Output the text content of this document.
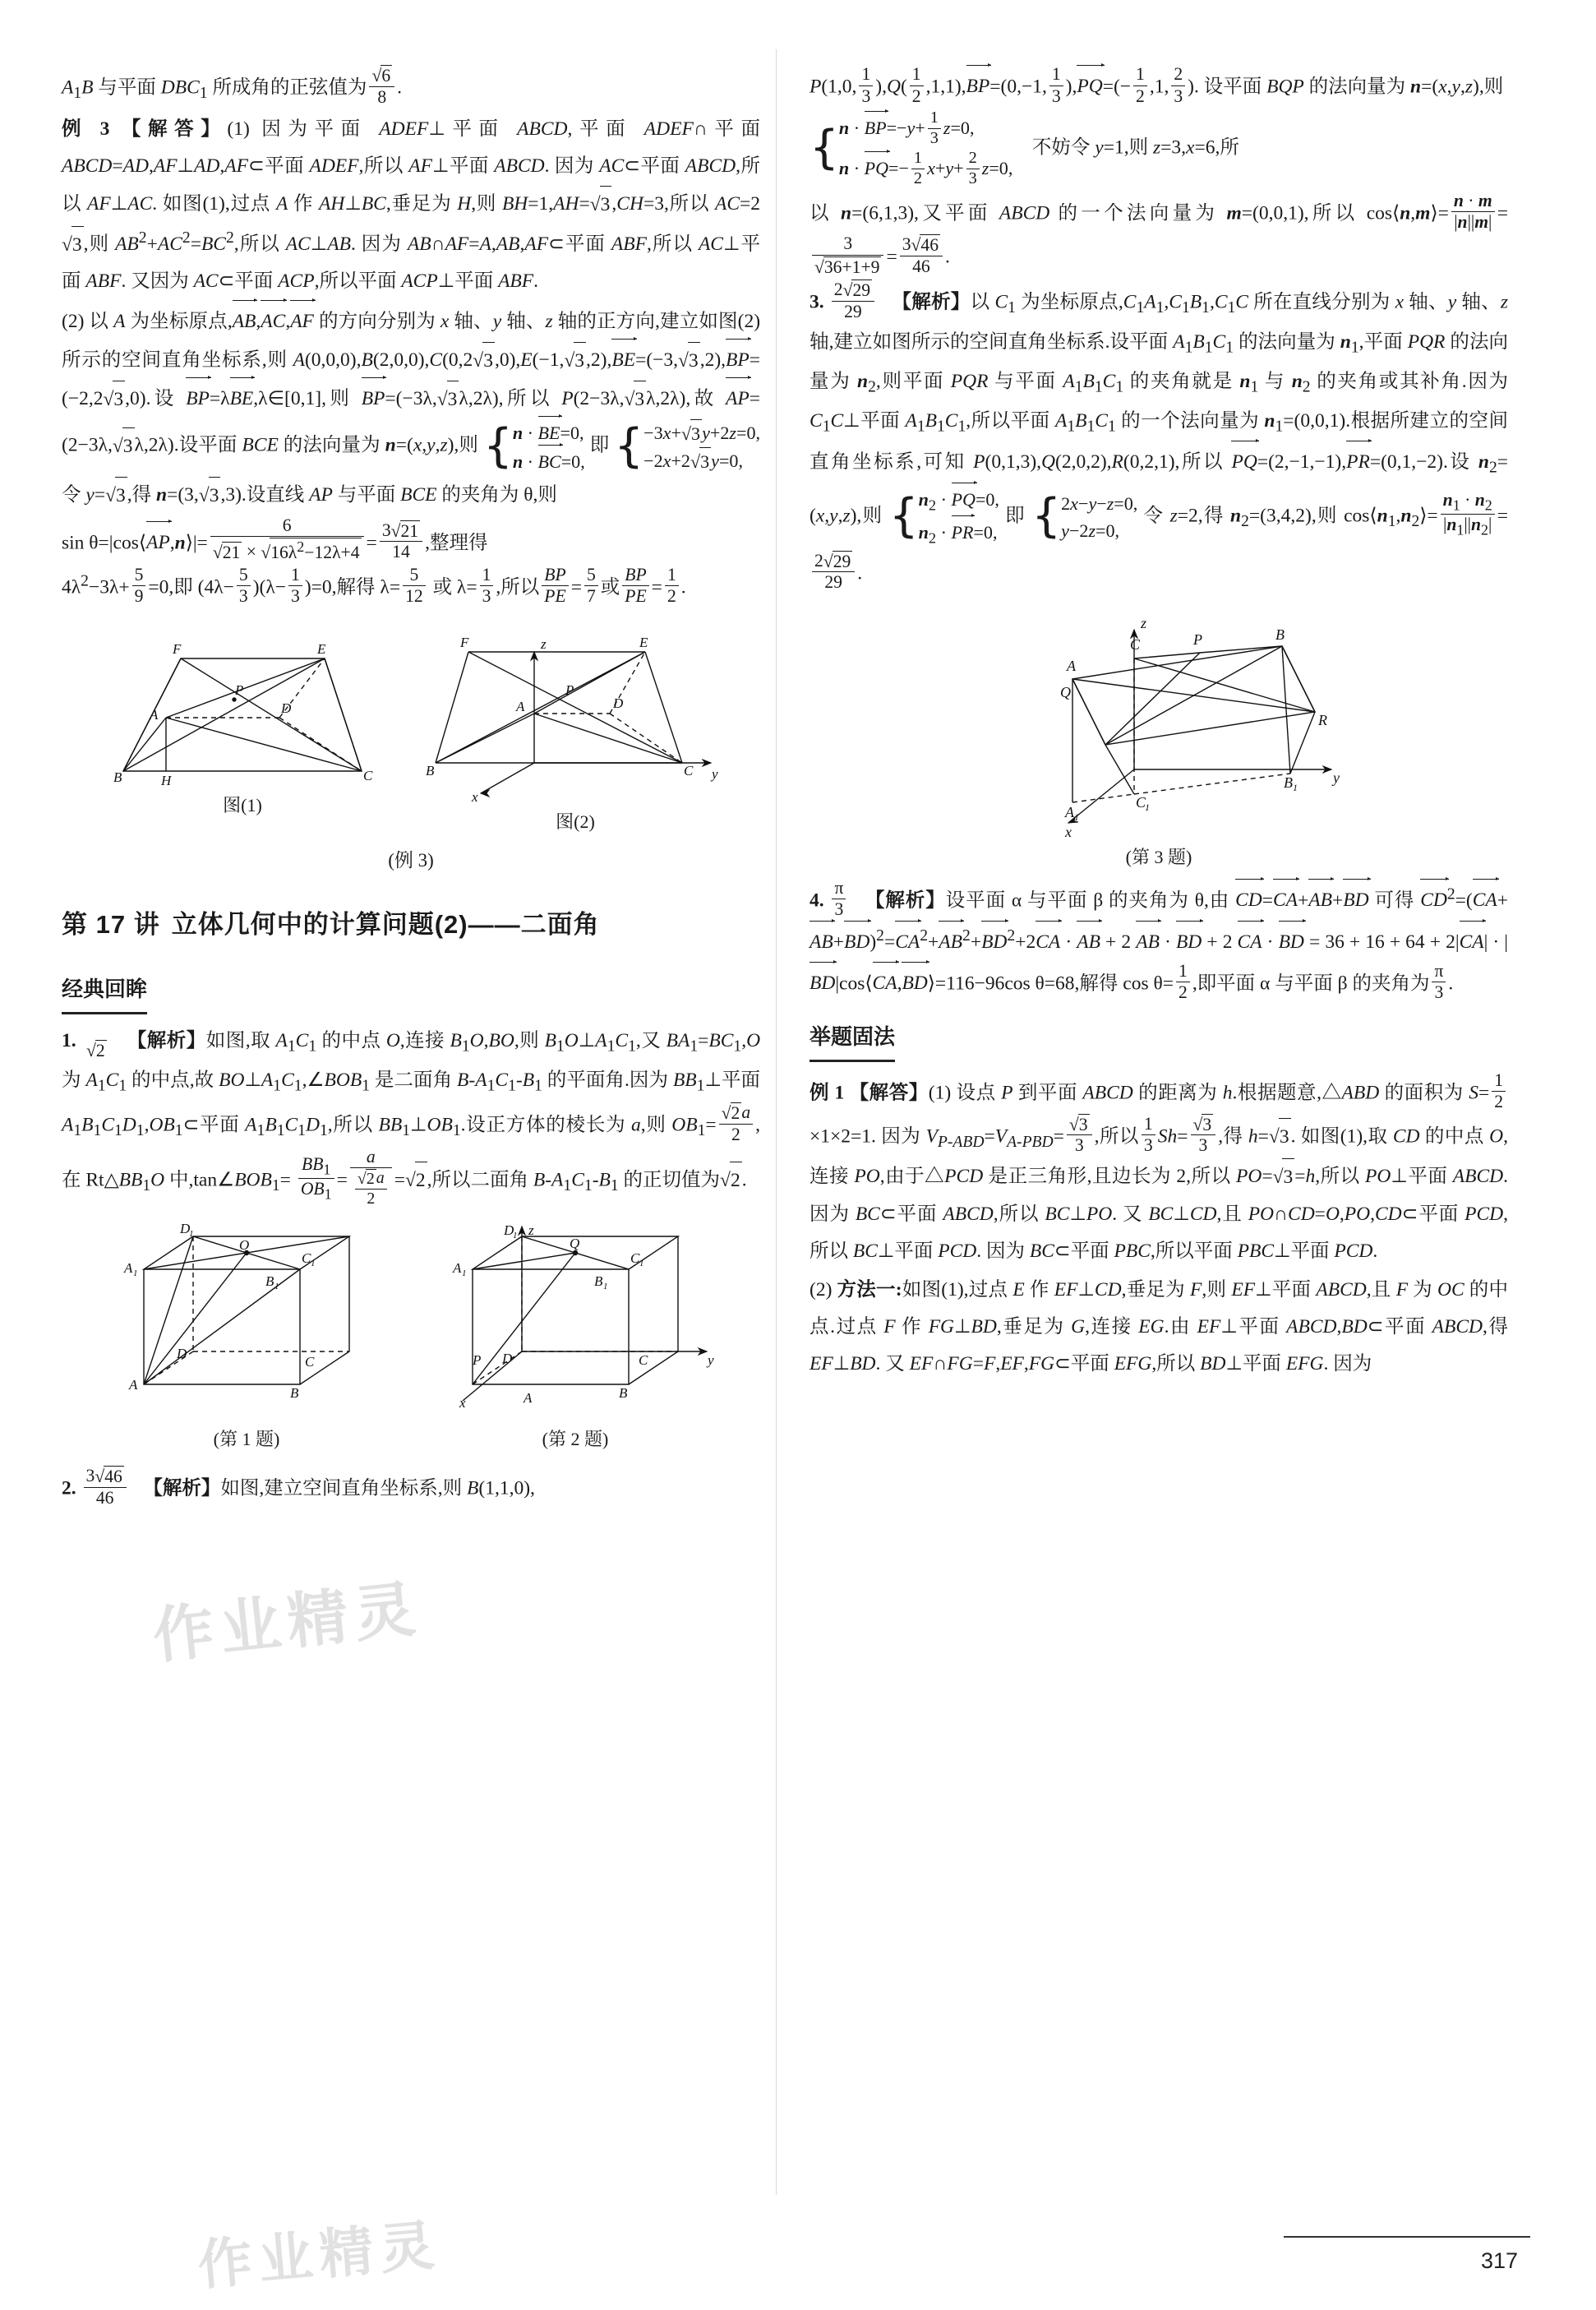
$A_1B$ 与平面 $DBC_1$ 所成角的正弦值为 $\frac{√6}{8}$ .

例 3 【解答】(1) 因为平面 ADEF⊥平面 ABCD,平面 ADEF∩平面 ABCD=AD,AF⊥AD,AF⊂平面 ADEF,所以 AF⊥平面 ABCD. 因为 AC⊂平面 ABCD,所以 AF⊥AC. 如图(1),过点 A 作 AH⊥BC,垂足为 H,则 BH=1,AH=√3,CH=3,所以 AC=2√3,则 $AB^2+AC^2=BC^2$,所以 AC⊥AB. 因为 AB∩AF=A,AB,AF⊂平面 ABF,所以 AC⊥平面 ABF. 又因为 AC⊂平面 ACP,所以平面 ACP⊥平面 ABF.

(2) 以 A 为坐标原点,AB,AC,AF 的方向分别为 x 轴、y 轴、z 轴的正方向,建立如图(2)所示的空间直角坐标系,则 A(0,0,0),B(2,0,0),C(0,2√3,0),E(−1,√3,2),BE=(−3,√3,2),BP=(−2,2√3,0).设 BP=λBE,λ∈[0,1],则 BP=(−3λ,√3λ,2λ),所以 P(2−3λ,√3λ,2λ),故 AP=(2−3λ,√3λ,2λ).设平面 BCE 的法向量为 n=(x,y,z),则 {n · BE=0,
n · BC=0, 即 {−3x+√3y+2z=0,
−2x+2√3y=0, 令 y=√3,得 n=(3,√3,3).设直线 AP 与平面 BCE 的夹角为 θ,则

sin θ=|cos⟨AP,n⟩|= $\frac{6}{√21 \times √16\lambda^2-12\lambda+4} = \frac{3√21}{14}$ ,整理得

$4\lambda^2-3\lambda+ \frac{5}{9} =0$,即 $(4\lambda- \frac{5}{3} )(\lambda- \frac{1}{3} )=0$,解得 $\lambda= \frac{5}{12}$ 或 $\lambda= \frac{1}{3}$ ,所以 $\frac{BP}{PE} = \frac{5}{7}$ 或 $\frac{BP}{PE} = \frac{1}{2}$ .

F	E
P
A	D
B	H	C
图(1)
z
F	E
P
A	D
B	C y
x
图(2)
(例 3)
第 17 讲 立体几何中的计算问题(2)——二面角
经典回眸

1. √2 【解析】如图,取 $A_1C_1$ 的中点 O,连接 $B_1O,BO$,则 $B_1O\perp A_1C_1$,又 $BA_1=BC_1,O$ 为 $A_1C_1$ 的中点,故 $BO\perp A_1C_1,\angle BOB_1$ 是二面角 $B-A_1C_1-B_1$ 的平面角.因为 $BB_1\perp$平面 $A_1B_1C_1D_1,OB_1\subset$平面 $A_1B_1C_1D_1$,所以 $BB_1\perp OB_1$.设正方体的棱长为 a,则 $OB_1= \frac{√2a}{2}$ ,在 $Rt\triangle BB_1O$ 中$,\tan\angle BOB_1= \frac{BB_1}{OB_1} = \frac{a}{\frac{√2 a}{2}} =√2$,所以二面角 $B-A_1C_1-B_1$ 的正切值为√2.

D
1
C 1
O
A 1	B 1
D
C
A
B
(第 1 题)
z
D
1
C 1
Q
A 1	B 1
D	C	y
P
x	A	B
(第 2 题)

2. $\frac{3√46}{46}$ 【解析】如图,建立空间直角坐标系,则 B(1,1,0),

P(1,0, $\frac{1}{3} ),Q( \frac{1}{2} ,1,1),BP=(0,-1$, $\frac{1}{3} ),PQ=(- \frac{1}{2} ,1$, $\frac{2}{3}$ ). 设平面 BQP 的法向量为 n=(x,y,z),则

{$n \cdot BP=-y+ \frac{1}{3} z=0$,
$n \cdot PQ=- \frac{1}{2} x+y+ \frac{2}{3} z=0$,    不妨令 y=1,则 z=3,x=6,所

以 n=(6,1,3),又平面 ABCD 的一个法向量为 m=(0,0,1),所以 cos⟨n,m⟩= $\frac{n \cdot m}{|n||m|}$ =
$\frac{3}{√36+1+9} = \frac{3√46}{46}$ .

3. $\frac{2√29}{29}$ 【解析】以 $C_1$ 为坐标原点$,C_1A_1,C_1B_1,C_1C$ 所在直线分别为 x 轴、y 轴、z 轴,建立如图所示的空间直角坐标系.设平面 $A_1B_1C_1$ 的法向量为 $n_1$,平面 PQR 的法向量为 $n_2$,则平面 PQR 与平面 $A_1B_1C_1$ 的夹角就是 $n_1$ 与 $n_2$ 的夹角或其补角.因为 $C_1C\perp$平面 $A_1B_1C_1$,所以平面 $A_1B_1C_1$ 的一个法向量为 $n_1=(0,0,1)$.根据所建立的空间直角坐标系,可知 P(0,1,3),Q(2,0,2),R(0,2,1),所以 PQ=(2,−1,−1),PR=(0,1,−2).设 $n_2=(x,y,z)$,则 {$n_2 \cdot PQ=0$,
$n_2 \cdot PR=0$, 即 {2x−y−z=0,
y−2z=0, 令 z=2,得 $n_2=(3,4,2)$,则 $\cos⟨n_1,n_2⟩= \frac{n_1 \cdot n_2}{|n_1||n_2|}$ =
$\frac{2√29}{29}$ .

z
C	P	B
A
Q
R
C
1
B 1
y
A 1
x
(第 3 题)

4. $\frac{\pi}{3}$ 【解析】设平面 α 与平面 β 的夹角为 θ,由 CD=CA+AB+BD 可得 $CD^2=(CA+AB+BD)^2=CA^2+AB^2+BD^2+2CA$ · AB + 2 AB · BD + 2 CA · BD = 36 + 16 + 64 + 2|CA| · |BD|cos⟨CA,BD⟩=116−96cos θ=68,解得 $\cos \theta= \frac{1}{2}$ ,即平面 α 与平面 β 的夹角为 $\frac{\pi}{3}$ .

举题固法

例 1 【解答】(1) 设点 P 到平面 ABCD 的距离为 h.根据题意,△ABD 的面积为 $S= \frac{1}{2}$
×1×2=1. 因为 $V_{P-ABD}=V_{A-PBD}= \frac{√3}{3}$ ,所以 $\frac{1}{3} Sh= \frac{√3}{3}$ ,得 h=√3. 如图(1),取 CD 的中点 O,连接 PO,由于△PCD 是正三角形,且边长为 2,所以 PO=√3=h,所以 PO⊥平面 ABCD. 因为 BC⊂平面 ABCD,所以 BC⊥PO. 又 BC⊥CD,且 PO∩CD=O,PO,CD⊂平面 PCD,所以 BC⊥平面 PCD. 因为 BC⊂平面 PBC,所以平面 PBC⊥平面 PCD.

(2) 方法一:如图(1),过点 E 作 EF⊥CD,垂足为 F,则 EF⊥平面 ABCD,且 F 为 OC 的中点.过点 F 作 FG⊥BD,垂足为 G,连接 EG.由 EF⊥平面 ABCD,BD⊂平面 ABCD,得 EF⊥BD. 又 EF∩FG=F,EF,FG⊂平面 EFG,所以 BD⊥平面 EFG. 因为

作业精灵
作业精灵	317
